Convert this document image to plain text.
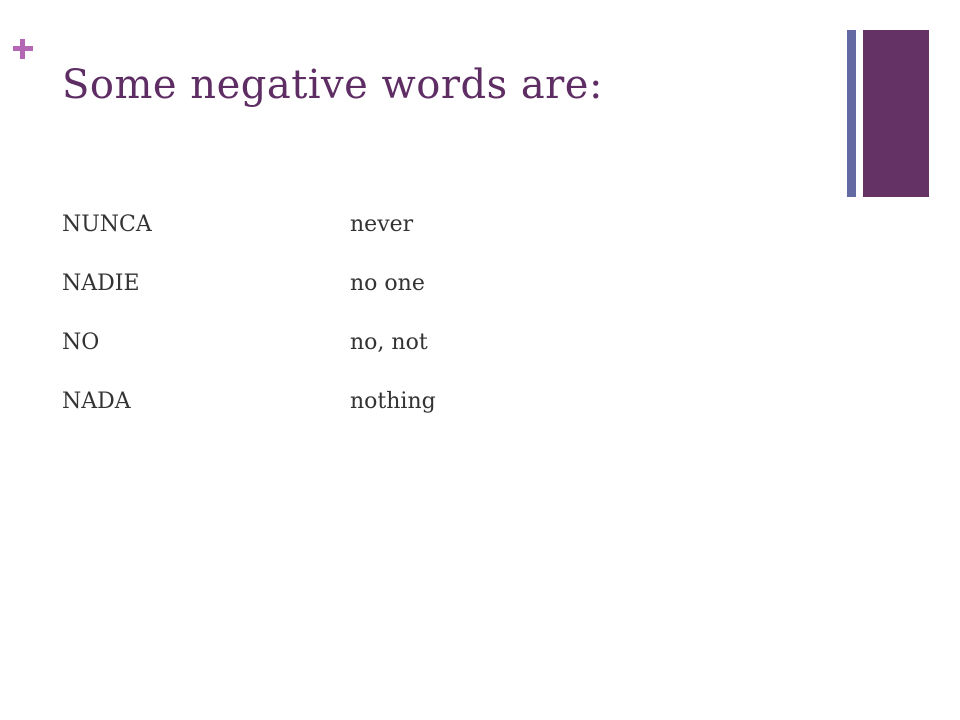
Some negative words are:
NUNCA	never
NADIE	no one
NO	no, not
NADA	nothing
